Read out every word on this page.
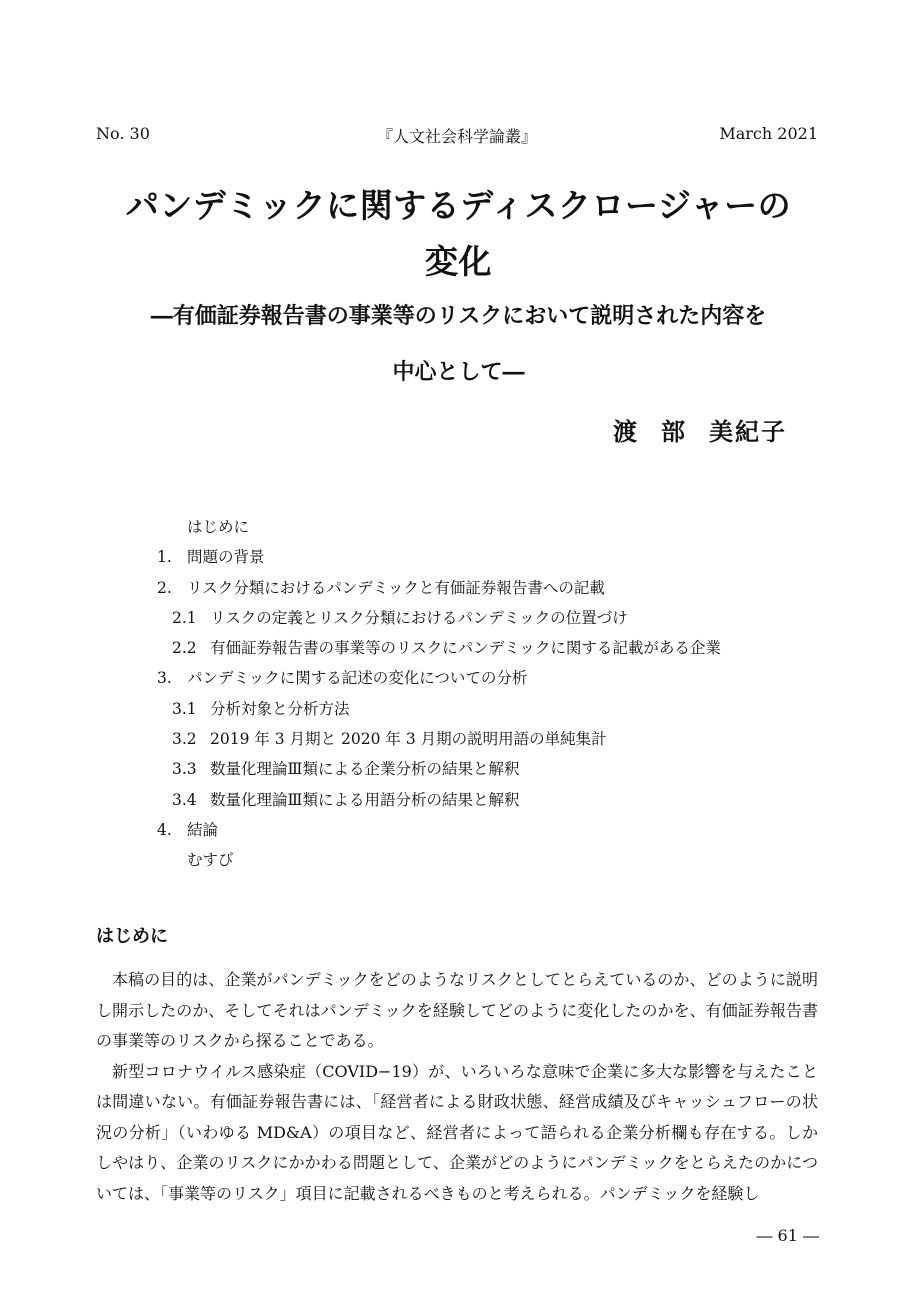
No. 30	『人文社会科学論叢』	March 2021
パンデミックに関するディスクロージャーの
変化
―有価証券報告書の事業等のリスクにおいて説明された内容を
中心として―
渡 部 美紀子
はじめに
1. 問題の背景
2. リスク分類におけるパンデミックと有価証券報告書への記載
2.1 リスクの定義とリスク分類におけるパンデミックの位置づけ
2.2 有価証券報告書の事業等のリスクにパンデミックに関する記載がある企業
3. パンデミックに関する記述の変化についての分析
3.1 分析対象と分析方法
3.2 2019 年 3 月期と 2020 年 3 月期の説明用語の単純集計
3.3 数量化理論Ⅲ類による企業分析の結果と解釈
3.4 数量化理論Ⅲ類による用語分析の結果と解釈
4. 結論
むすび
はじめに

本稿の目的は、企業がパンデミックをどのようなリスクとしてとらえているのか、どのように説明し開示したのか、そしてそれはパンデミックを経験してどのように変化したのかを、有価証券報告書の事業等のリスクから探ることである。

新型コロナウイルス感染症（COVID−19）が、いろいろな意味で企業に多大な影響を与えたことは間違いない。有価証券報告書には、「経営者による財政状態、経営成績及びキャッシュフローの状況の分析」（いわゆる MD&A）の項目など、経営者によって語られる企業分析欄も存在する。しかしやはり、企業のリスクにかかわる問題として、企業がどのようにパンデミックをとらえたのかについては、「事業等のリスク」項目に記載されるべきものと考えられる。パンデミックを経験し

― 61 ―
